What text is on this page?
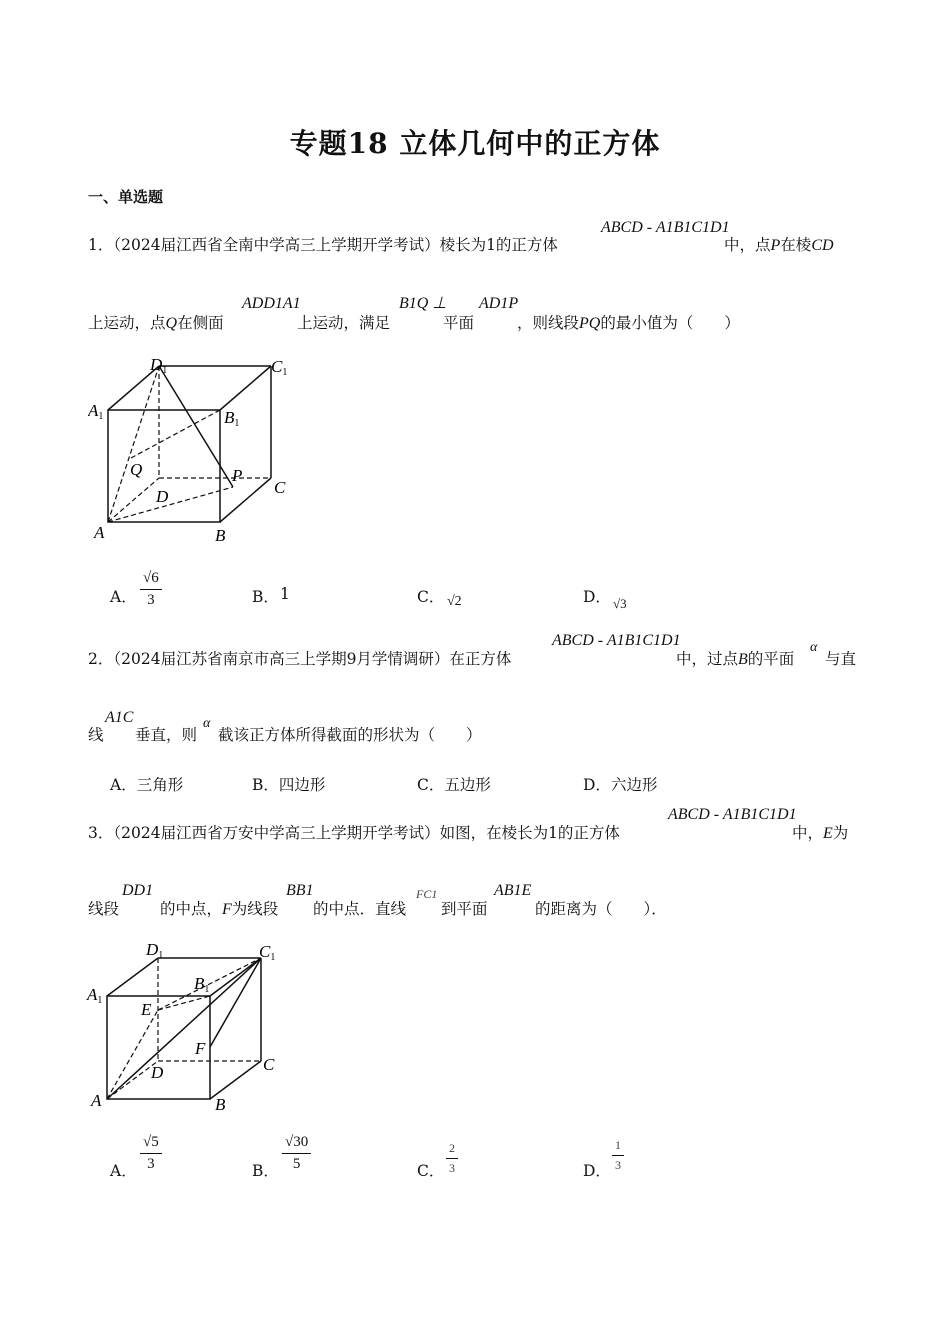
专题18 立体几何中的正方体
一、单选题
1．（2024届江西省全南中学高三上学期开学考试）棱长为1的正方体
ABCD - A1B1C1D1
中，点P在棱CD
上运动，点Q在侧面
ADD1A1
上运动，满足
B1Q ⊥
平面
AD1P
，则线段PQ的最小值为（　　）
D1	C1
A1	B1
Q	P
D	C
A	B
A． $\frac{√6}{3}$	B． 1	C． √2	D． √3
2．（2024届江苏省南京市高三上学期9月学情调研）在正方体
ABCD - A1B1C1D1
中，过点B的平面
α
与直
线
A1C
垂直，则
α
截该正方体所得截面的形状为（　　）
A．三角形	B．四边形	C．五边形	D．六边形
3．（2024届江西省万安中学高三上学期开学考试）如图，在棱长为1的正方体
ABCD - A1B1C1D1
中，E为
线段
DD1
的中点，F为线段
BB1
的中点．直线
FC1
到平面
AB1E
的距离为（　　）．
D1	C1
A1
B1
E
F
D	C
A	B
A． $\frac{√5}{3}$	B． $\frac{√30}{5}$	C． $\frac{2}{3}$	D． $\frac{1}{3}$
